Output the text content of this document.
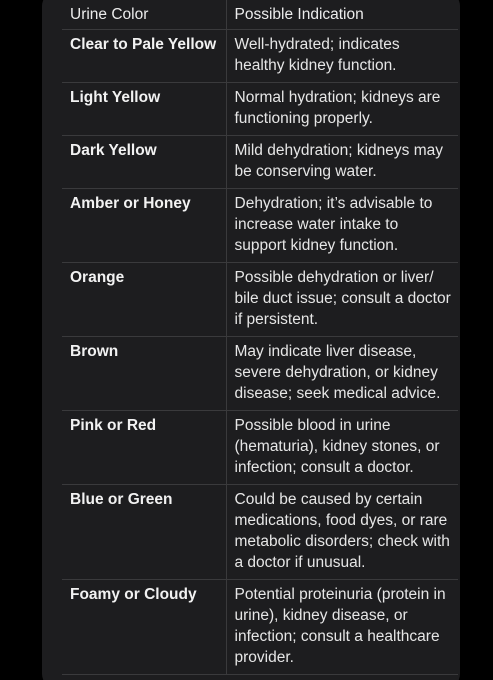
Urine Color	Possible Indication
Clear to Pale Yellow	Well-hydrated; indicates healthy kidney function.
Light Yellow	Normal hydration; kidneys are functioning properly.
Dark Yellow	Mild dehydration; kidneys may be conserving water.
Amber or Honey	Dehydration; it’s advisable to increase water intake to support kidney function.
Orange	Possible dehydration or liver/ bile duct issue; consult a doctor if persistent.
Brown	May indicate liver disease, severe dehydration, or kidney disease; seek medical advice.
Pink or Red	Possible blood in urine (hematuria), kidney stones, or infection; consult a doctor.
Blue or Green	Could be caused by certain medications, food dyes, or rare metabolic disorders; check with a doctor if unusual.
Foamy or Cloudy	Potential proteinuria (protein in urine), kidney disease, or infection; consult a healthcare provider.
